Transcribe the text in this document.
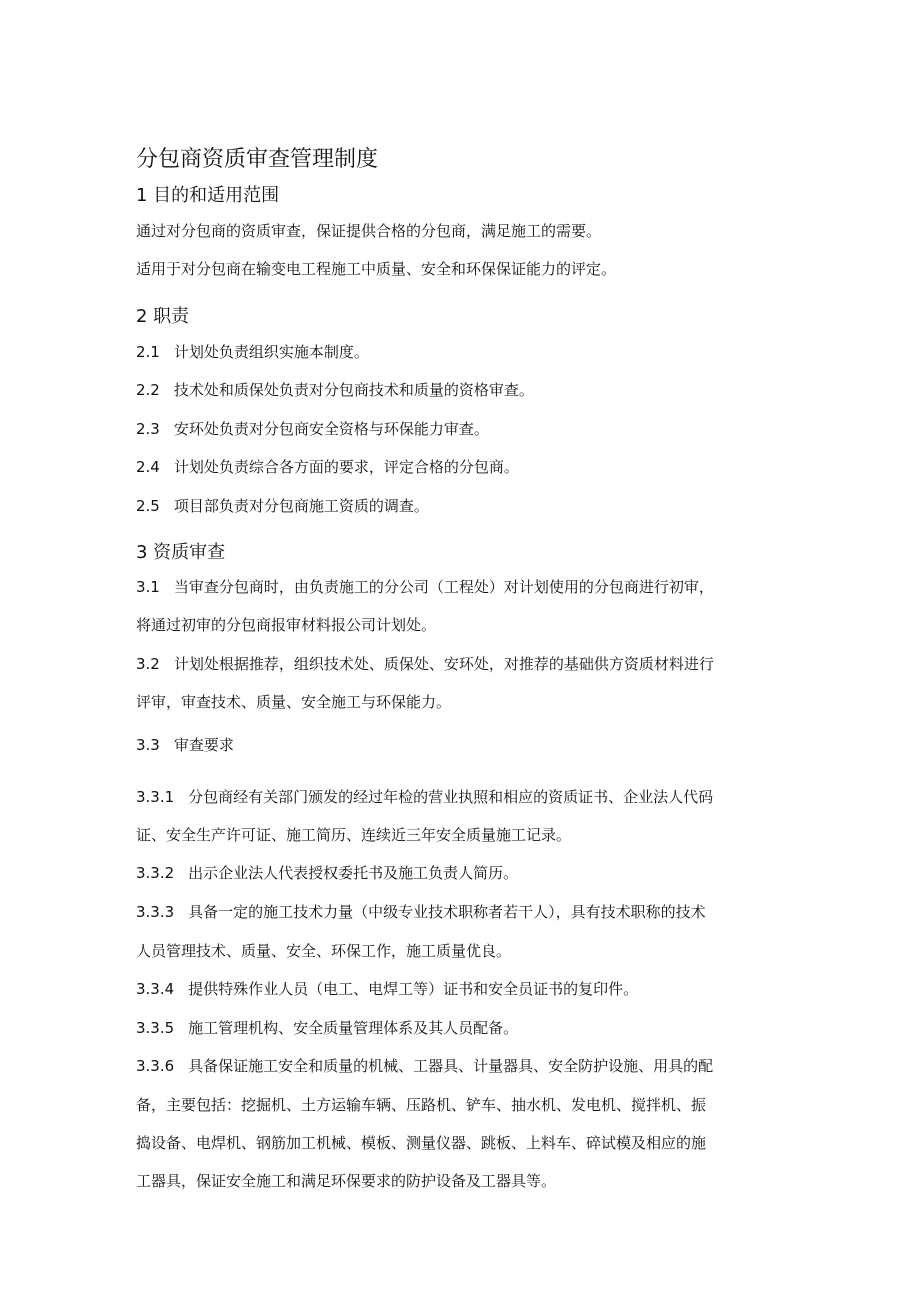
分包商资质审查管理制度
1 目的和适用范围
通过对分包商的资质审查，保证提供合格的分包商，满足施工的需要。
适用于对分包商在输变电工程施工中质量、安全和环保保证能力的评定。
2 职责
2.1 计划处负责组织实施本制度。
2.2 技术处和质保处负责对分包商技术和质量的资格审查。
2.3 安环处负责对分包商安全资格与环保能力审查。
2.4 计划处负责综合各方面的要求，评定合格的分包商。
2.5 项目部负责对分包商施工资质的调查。
3 资质审查
3.1 当审查分包商时，由负责施工的分公司（工程处）对计划使用的分包商进行初审，
将通过初审的分包商报审材料报公司计划处。
3.2 计划处根据推荐，组织技术处、质保处、安环处，对推荐的基础供方资质材料进行
评审，审查技术、质量、安全施工与环保能力。
3.3 审查要求
3.3.1 分包商经有关部门颁发的经过年检的营业执照和相应的资质证书、企业法人代码
证、安全生产许可证、施工简历、连续近三年安全质量施工记录。
3.3.2 出示企业法人代表授权委托书及施工负责人简历。
3.3.3 具备一定的施工技术力量（中级专业技术职称者若干人），具有技术职称的技术
人员管理技术、质量、安全、环保工作，施工质量优良。
3.3.4 提供特殊作业人员（电工、电焊工等）证书和安全员证书的复印件。
3.3.5 施工管理机构、安全质量管理体系及其人员配备。
3.3.6 具备保证施工安全和质量的机械、工器具、计量器具、安全防护设施、用具的配
备，主要包括：挖掘机、土方运输车辆、压路机、铲车、抽水机、发电机、搅拌机、振
捣设备、电焊机、钢筋加工机械、模板、测量仪器、跳板、上料车、碎试模及相应的施
工器具，保证安全施工和满足环保要求的防护设备及工器具等。
